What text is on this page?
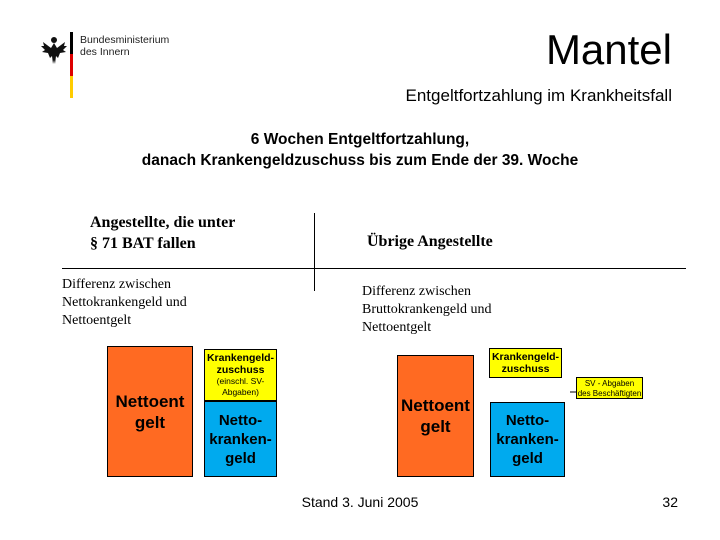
Bundesministerium
des Innern	Mantel
Entgeltfortzahlung im Krankheitsfall
6 Wochen Entgeltfortzahlung,
danach Krankengeldzuschuss bis zum Ende der 39. Woche
Angestellte, die unter
§ 71 BAT fallen	Übrige Angestellte
Differenz zwischen
Nettokrankengeld und
Nettoentgelt
Differenz zwischen
Bruttokrankengeld und
Nettoentgelt
Nettoent
gelt
Krankengeld-
zuschuss
(einschl. SV-
Abgaben)
Netto-
kranken-
geld
Nettoent
gelt
Krankengeld-
zuschuss
Netto-
kranken-
geld
SV - Abgaben
des Beschäftigten
Stand 3. Juni 2005	32
